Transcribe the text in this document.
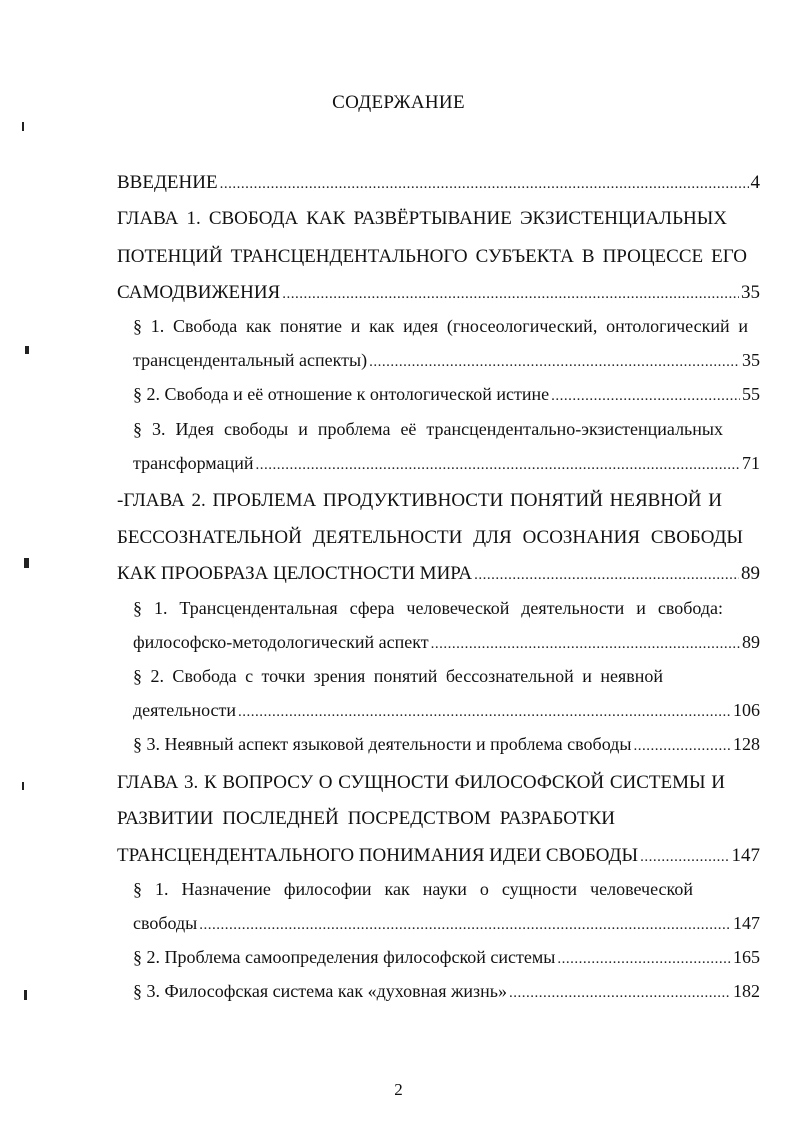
СОДЕРЖАНИЕ
ВВЕДЕНИЕ .....	4
ГЛАВА 1. СВОБОДА КАК РАЗВЁРТЫВАНИЕ ЭКЗИСТЕНЦИАЛЬНЫХ
ПОТЕНЦИЙ ТРАНСЦЕНДЕНТАЛЬНОГО СУБЪЕКТА В ПРОЦЕССЕ ЕГО
САМОДВИЖЕНИЯ .....	35
§ 1. Свобода как понятие и как идея (гносеологический, онтологический и
трансцендентальный аспекты) .....	35
§ 2. Свобода и её отношение к онтологической истине .....	55
§ 3. Идея свободы и проблема её трансцендентально-экзистенциальных
трансформаций .....	71
-ГЛАВА 2. ПРОБЛЕМА ПРОДУКТИВНОСТИ ПОНЯТИЙ НЕЯВНОЙ И
БЕССОЗНАТЕЛЬНОЙ ДЕЯТЕЛЬНОСТИ ДЛЯ ОСОЗНАНИЯ СВОБОДЫ
КАК ПРООБРАЗА ЦЕЛОСТНОСТИ МИРА .....	89
§ 1. Трансцендентальная сфера человеческой деятельности и свобода:
философско-методологический аспект .....	89
§ 2. Свобода с точки зрения понятий бессознательной и неявной
деятельности .....	106
§ 3. Неявный аспект языковой деятельности и проблема свободы .....	128
ГЛАВА 3. К ВОПРОСУ О СУЩНОСТИ ФИЛОСОФСКОЙ СИСТЕМЫ И
РАЗВИТИИ ПОСЛЕДНЕЙ ПОСРЕДСТВОМ РАЗРАБОТКИ
ТРАНСЦЕНДЕНТАЛЬНОГО ПОНИМАНИЯ ИДЕИ СВОБОДЫ .....	147
§ 1. Назначение философии как науки о сущности человеческой
свободы .....	147
§ 2. Проблема самоопределения философской системы .....	165
§ 3. Философская система как «духовная жизнь» .....	182
2
